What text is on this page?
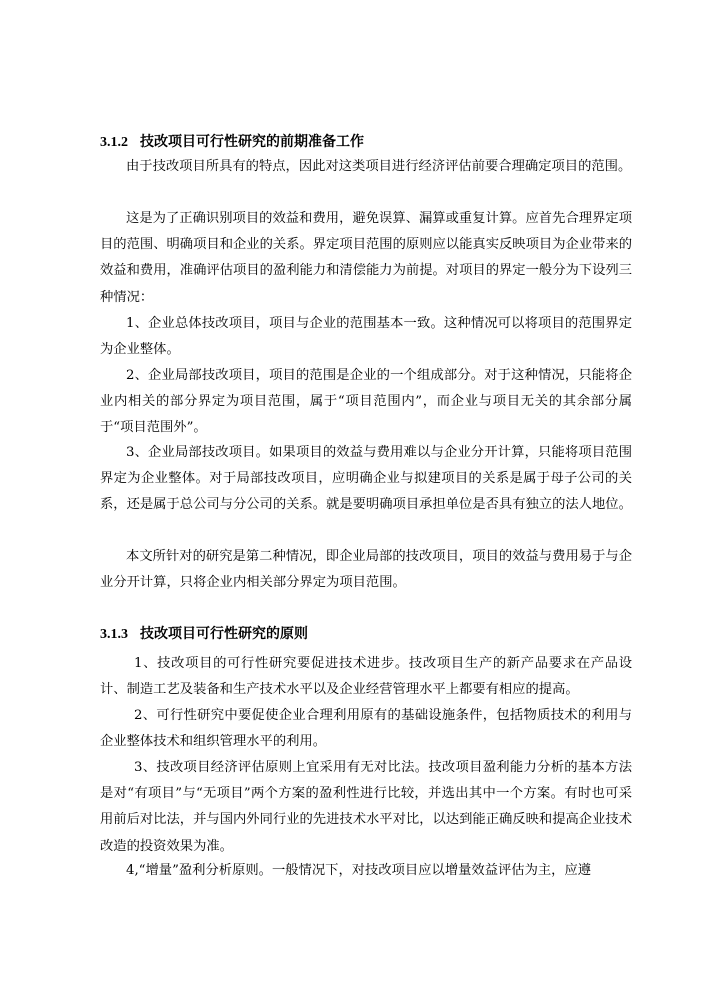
3.1.2 技改项目可行性研究的前期准备工作

由于技改项目所具有的特点，因此对这类项目进行经济评估前要合理确定项目的范围。

这是为了正确识别项目的效益和费用，避免误算、漏算或重复计算。应首先合理界定项目的范围、明确项目和企业的关系。界定项目范围的原则应以能真实反映项目为企业带来的效益和费用，准确评估项目的盈利能力和清偿能力为前提。对项目的界定一般分为下设列三种情况：

1、企业总体技改项目，项目与企业的范围基本一致。这种情况可以将项目的范围界定为企业整体。

2、企业局部技改项目，项目的范围是企业的一个组成部分。对于这种情况，只能将企业内相关的部分界定为项目范围，属于“项目范围内”，而企业与项目无关的其余部分属于“项目范围外”。

3、企业局部技改项目。如果项目的效益与费用难以与企业分开计算，只能将项目范围界定为企业整体。对于局部技改项目，应明确企业与拟建项目的关系是属于母子公司的关系，还是属于总公司与分公司的关系。就是要明确项目承担单位是否具有独立的法人地位。

本文所针对的研究是第二种情况，即企业局部的技改项目，项目的效益与费用易于与企业分开计算，只将企业内相关部分界定为项目范围。

3.1.3 技改项目可行性研究的原则

1、技改项目的可行性研究要促进技术进步。技改项目生产的新产品要求在产品设计、制造工艺及装备和生产技术水平以及企业经营管理水平上都要有相应的提高。

2、可行性研究中要促使企业合理利用原有的基础设施条件，包括物质技术的利用与企业整体技术和组织管理水平的利用。

3、技改项目经济评估原则上宜采用有无对比法。技改项目盈利能力分析的基本方法是对“有项目”与“无项目”两个方案的盈利性进行比较，并选出其中一个方案。有时也可采用前后对比法，并与国内外同行业的先进技术水平对比，以达到能正确反映和提高企业技术改造的投资效果为准。

4,“增量”盈利分析原则。一般情况下，对技改项目应以增量效益评估为主，应遵
